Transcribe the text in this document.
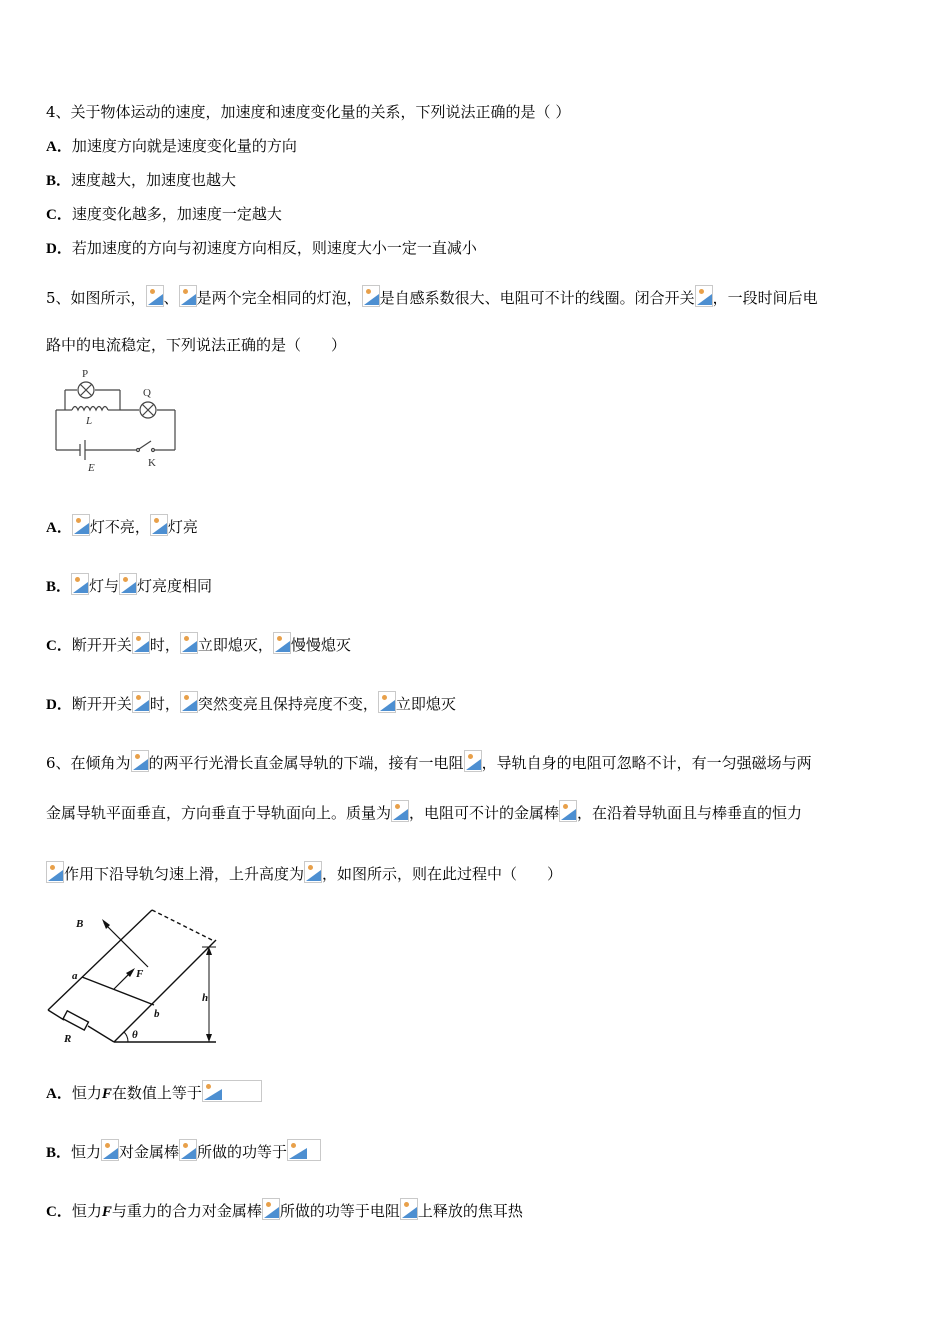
4、关于物体运动的速度，加速度和速度变化量的关系，下列说法正确的是（ ）
A．加速度方向就是速度变化量的方向
B．速度越大，加速度也越大
C．速度变化越多，加速度一定越大
D．若加速度的方向与初速度方向相反，则速度大小一定一直减小
5、如图所示， 、 是两个完全相同的灯泡， 是自感系数很大、电阻可不计的线圈。闭合开关 ，一段时间后电
路中的电流稳定，下列说法正确的是（　　）
P
Q
L
E	K
A． 灯不亮， 灯亮
B． 灯与 灯亮度相同
C．断开开关 时， 立即熄灭， 慢慢熄灭
D．断开开关 时， 突然变亮且保持亮度不变， 立即熄灭
6、在倾角为 的两平行光滑长直金属导轨的下端，接有一电阻 ，导轨自身的电阻可忽略不计，有一匀强磁场与两
金属导轨平面垂直，方向垂直于导轨面向上。质量为 ，电阻可不计的金属棒 ，在沿着导轨面且与棒垂直的恒力
作用下沿导轨匀速上滑，上升高度为 ，如图所示，则在此过程中（　　）
B
F
a
b
h
R	θ
A．恒力F在数值上等于
B．恒力 对金属棒 所做的功等于
C．恒力F与重力的合力对金属棒 所做的功等于电阻 上释放的焦耳热
